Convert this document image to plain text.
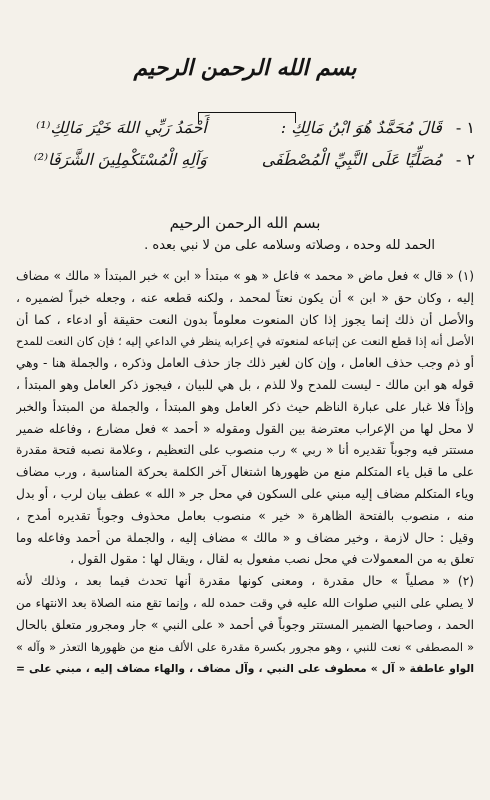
بسم الله الرحمن الرحيم
١ - قَالَ مُحَمَّدٌ هُوَ ابْنُ مَالِكِ : أَحْمَدُ رَبِّي اللهَ خَيْرَ مَالِكِ⁽¹⁾
٢ - مُصَلِّيًا عَلَى النَّبِيِّ الْمُصْطَفَى وَآلِهِ الْمُسْتَكْمِلِينَ الشَّرَفَا⁽²⁾
بسم الله الرحمن الرحيم
الحمد لله وحده ، وصلاته وسلامه على من لا نبي بعده .
(١) « قال » فعل ماض « محمد » فاعل « هو » مبتدأ « ابن » خبر المبتدأ « مالك » مضاف
إليه ، وكان حق « ابن » أن يكون نعتاً لمحمد ، ولكنه قطعه عنه ، وجعله خبراً لضميره ،
والأصل أن ذلك إنما يجوز إذا كان المنعوت معلوماً بدون النعت حقيقة أو ادعاء ، كما أن
الأصل أنه إذا قطع النعت عن إتباعه لمنعوته في إعرابه ينظر في الداعي إليه ؛ فإن كان النعت للمدح
أو ذم وجب حذف العامل ، وإن كان لغير ذلك جاز حذف العامل وذكره ، والجملة هنا - وهي
قوله هو ابن مالك - ليست للمدح ولا للذم ، بل هي للبيان ، فيجوز ذكر العامل وهو المبتدأ ،
وإذاً فلا غبار على عبارة الناظم حيث ذكر العامل وهو المبتدأ ، والجملة من المبتدأ والخبر
لا محل لها من الإعراب معترضة بين القول ومقوله « أحمد » فعل مضارع ، وفاعله ضمير
مستتر فيه وجوباً تقديره أنا « ربي » رب منصوب على التعظيم ، وعلامة نصبه فتحة مقدرة
على ما قبل ياء المتكلم منع من ظهورها اشتغال آخر الكلمة بحركة المناسبة ، ورب مضاف
وياء المتكلم مضاف إليه مبني على السكون في محل جر « الله » عطف بيان لرب ، أو بدل
منه ، منصوب بالفتحة الظاهرة « خير » منصوب بعامل محذوف وجوباً تقديره أمدح ،
وقيل : حال لازمة ، وخير مضاف و « مالك » مضاف إليه ، والجملة من أحمد وفاعله وما
تعلق به من المعمولات في محل نصب مفعول به لقال ، ويقال لها : مقول القول ،
(٢) « مصلياً » حال مقدرة ، ومعنى كونها مقدرة أنها تحدث فيما بعد ، وذلك لأنه
لا يصلي على النبي صلوات الله عليه في وقت حمده لله ، وإنما تقع منه الصلاة بعد الانتهاء من
الحمد ، وصاحبها الضمير المستتر وجوباً في أحمد « على النبي » جار ومجرور متعلق بالحال
« المصطفى » نعت للنبي ، وهو مجرور بكسرة مقدرة على الألف منع من ظهورها التعذر « وآله »
الواو عاطفة « آل » معطوف على النبي ، وآل مضاف ، والهاء مضاف إليه ، مبني على =
